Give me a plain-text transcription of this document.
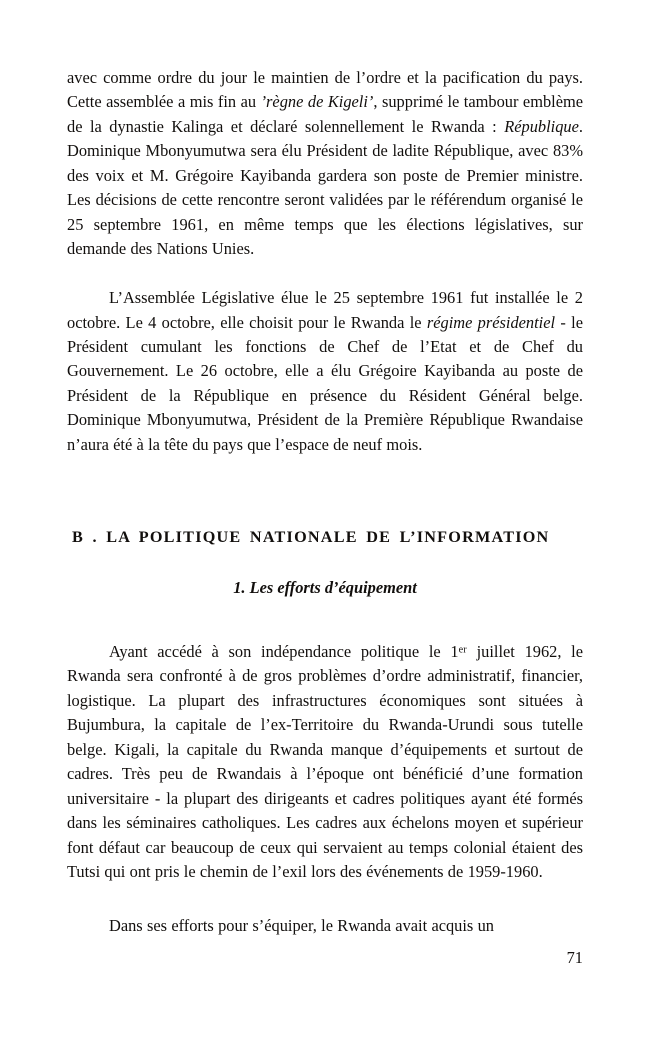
avec comme ordre du jour le maintien de l’ordre et la pacification du pays. Cette assemblée a mis fin au ’règne de Kigeli’, supprimé le tambour emblème de la dynastie Kalinga et déclaré solennellement le Rwanda : République. Dominique Mbonyumutwa sera élu Président de ladite République, avec 83% des voix et M. Grégoire Kayibanda gardera son poste de Premier ministre. Les décisions de cette rencontre seront validées par le référendum organisé le 25 septembre 1961, en même temps que les élections législatives, sur demande des Nations Unies.

L’Assemblée Législative élue le 25 septembre 1961 fut installée le 2 octobre. Le 4 octobre, elle choisit pour le Rwanda le régime présidentiel - le Président cumulant les fonctions de Chef de l’Etat et de Chef du Gouvernement. Le 26 octobre, elle a élu Grégoire Kayibanda au poste de Président de la République en présence du Résident Général belge. Dominique Mbonyumutwa, Président de la Première République Rwandaise n’aura été à la tête du pays que l’espace de neuf mois.

B . LA POLITIQUE NATIONALE DE L’INFORMATION
1. Les efforts d’équipement

Ayant accédé à son indépendance politique le 1er juillet 1962, le Rwanda sera confronté à de gros problèmes d’ordre administratif, financier, logistique. La plupart des infrastructures économiques sont situées à Bujumbura, la capitale de l’ex-Territoire du Rwanda-Urundi sous tutelle belge. Kigali, la capitale du Rwanda manque d’équipements et surtout de cadres. Très peu de Rwandais à l’époque ont bénéficié d’une formation universitaire - la plupart des dirigeants et cadres politiques ayant été formés dans les séminaires catholiques. Les cadres aux échelons moyen et supérieur font défaut car beaucoup de ceux qui servaient au temps colonial étaient des Tutsi qui ont pris le chemin de l’exil lors des événements de 1959-1960.

Dans ses efforts pour s’équiper, le Rwanda avait acquis un

71
